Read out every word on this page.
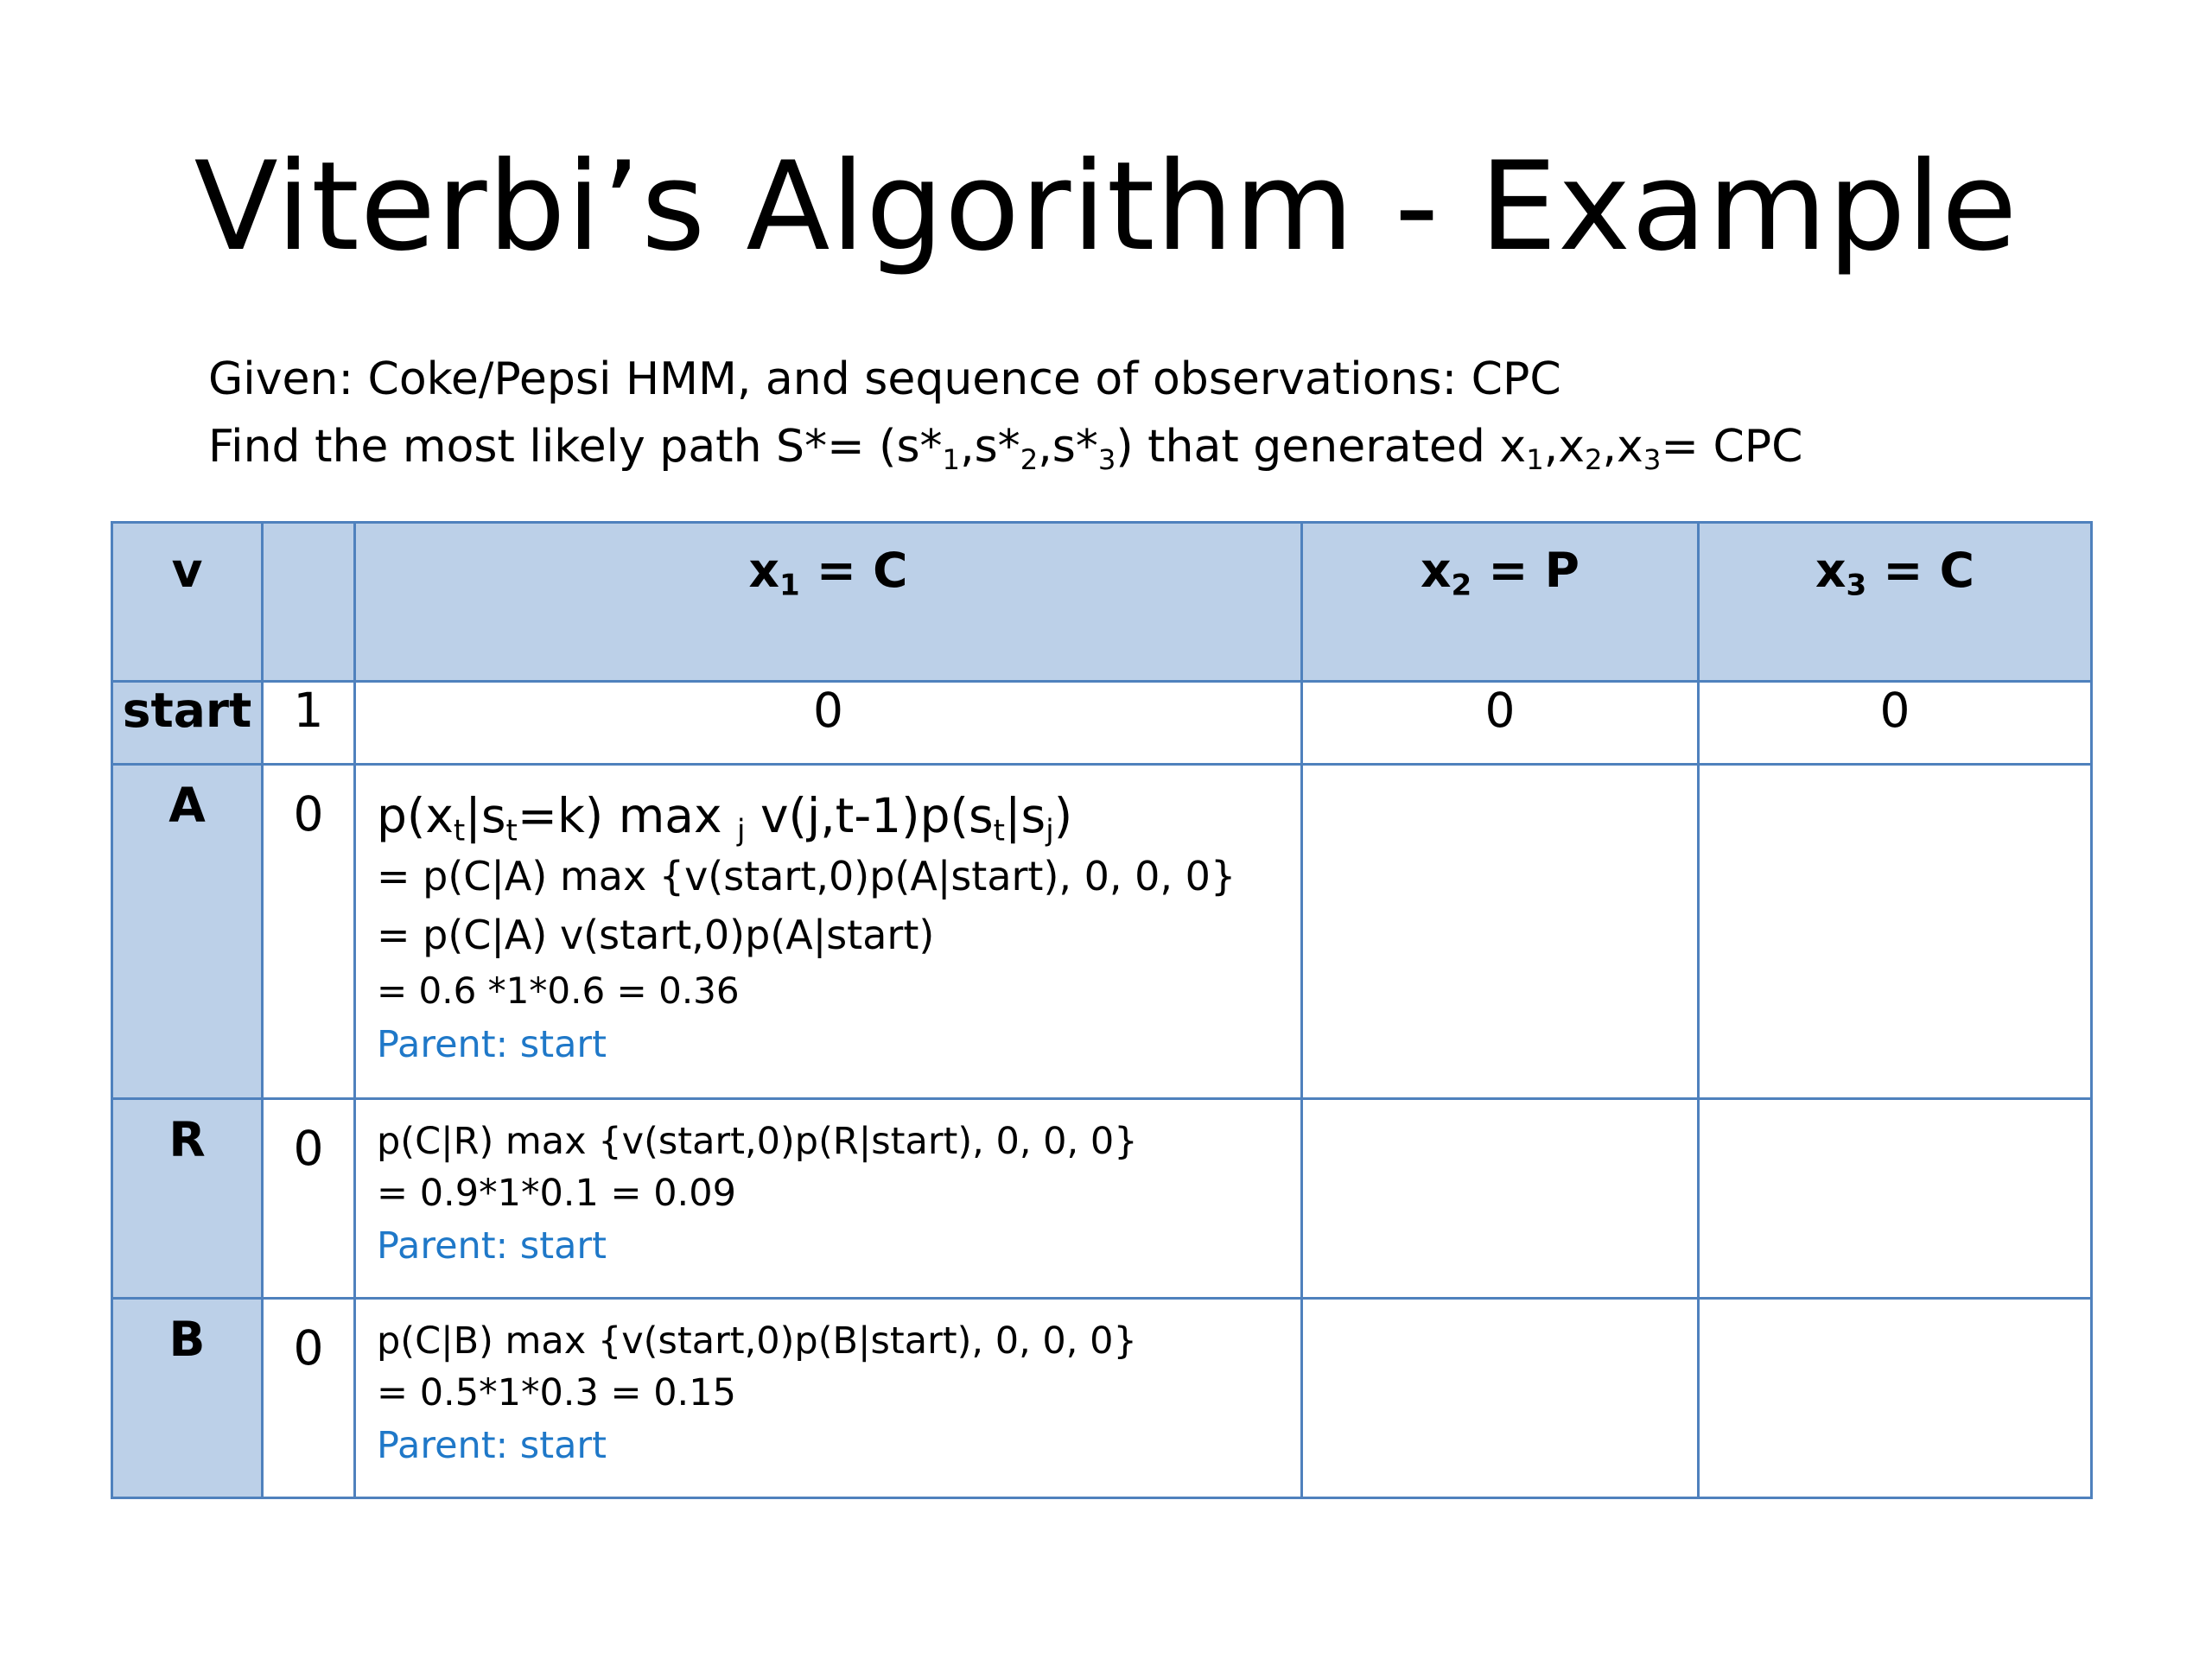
Viterbi’s Algorithm - Example
Given: Coke/Pepsi HMM, and sequence of observations: CPC
Find the most likely path $S*= (s*_1,s*_2,s*_3)$ that generated $x_1,x_2,x_3=$ CPC
v		$x_1 = C$	$x_2 = P$	$x_3 = C$
start	1	0	0	0
A	0	$p(x_t|s_t=k)$ max $_j$ $v(j,t-1)p(s_t|s_j)$
= p(C|A) max {v(start,0)p(A|start), 0, 0, 0}
= p(C|A) v(start,0)p(A|start)
= 0.6 *1*0.6 = 0.36
Parent: start		

R	0	p(C|R) max {v(start,0)p(R|start), 0, 0, 0}
= 0.9*1*0.1 = 0.09
Parent: start		

B	0	p(C|B) max {v(start,0)p(B|start), 0, 0, 0}
= 0.5*1*0.3 = 0.15
Parent: start		
